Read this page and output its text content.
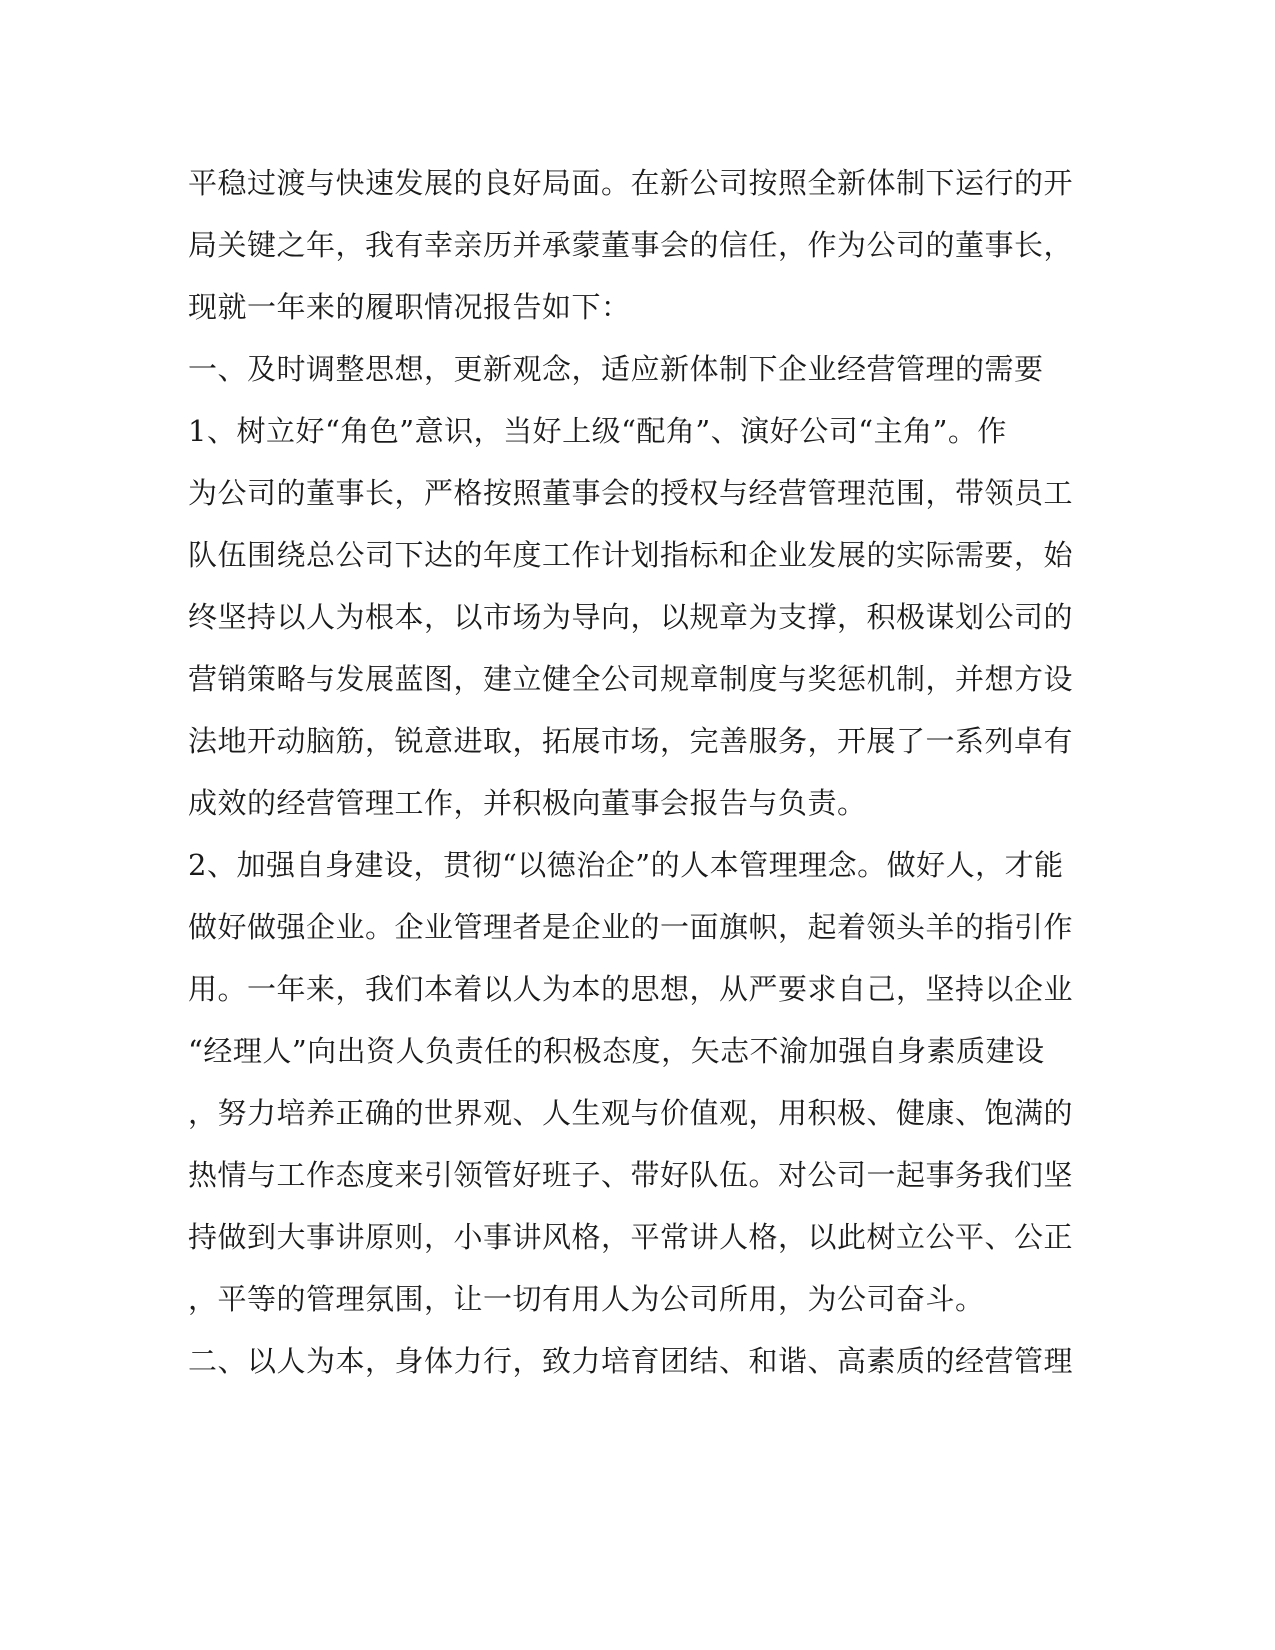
平稳过渡与快速发展的良好局面。在新公司按照全新体制下运行的开
局关键之年，我有幸亲历并承蒙董事会的信任，作为公司的董事长，
现就一年来的履职情况报告如下：
一、及时调整思想，更新观念，适应新体制下企业经营管理的需要
1、树立好“角色”意识，当好上级“配角”、演好公司“主角”。作
为公司的董事长，严格按照董事会的授权与经营管理范围，带领员工
队伍围绕总公司下达的年度工作计划指标和企业发展的实际需要，始
终坚持以人为根本，以市场为导向，以规章为支撑，积极谋划公司的
营销策略与发展蓝图，建立健全公司规章制度与奖惩机制，并想方设
法地开动脑筋，锐意进取，拓展市场，完善服务，开展了一系列卓有
成效的经营管理工作，并积极向董事会报告与负责。
2、加强自身建设，贯彻“以德治企”的人本管理理念。做好人，才能
做好做强企业。企业管理者是企业的一面旗帜，起着领头羊的指引作
用。一年来，我们本着以人为本的思想，从严要求自己，坚持以企业
“经理人”向出资人负责任的积极态度，矢志不渝加强自身素质建设
，努力培养正确的世界观、人生观与价值观，用积极、健康、饱满的
热情与工作态度来引领管好班子、带好队伍。对公司一起事务我们坚
持做到大事讲原则，小事讲风格，平常讲人格，以此树立公平、公正
，平等的管理氛围，让一切有用人为公司所用，为公司奋斗。
二、以人为本，身体力行，致力培育团结、和谐、高素质的经营管理
